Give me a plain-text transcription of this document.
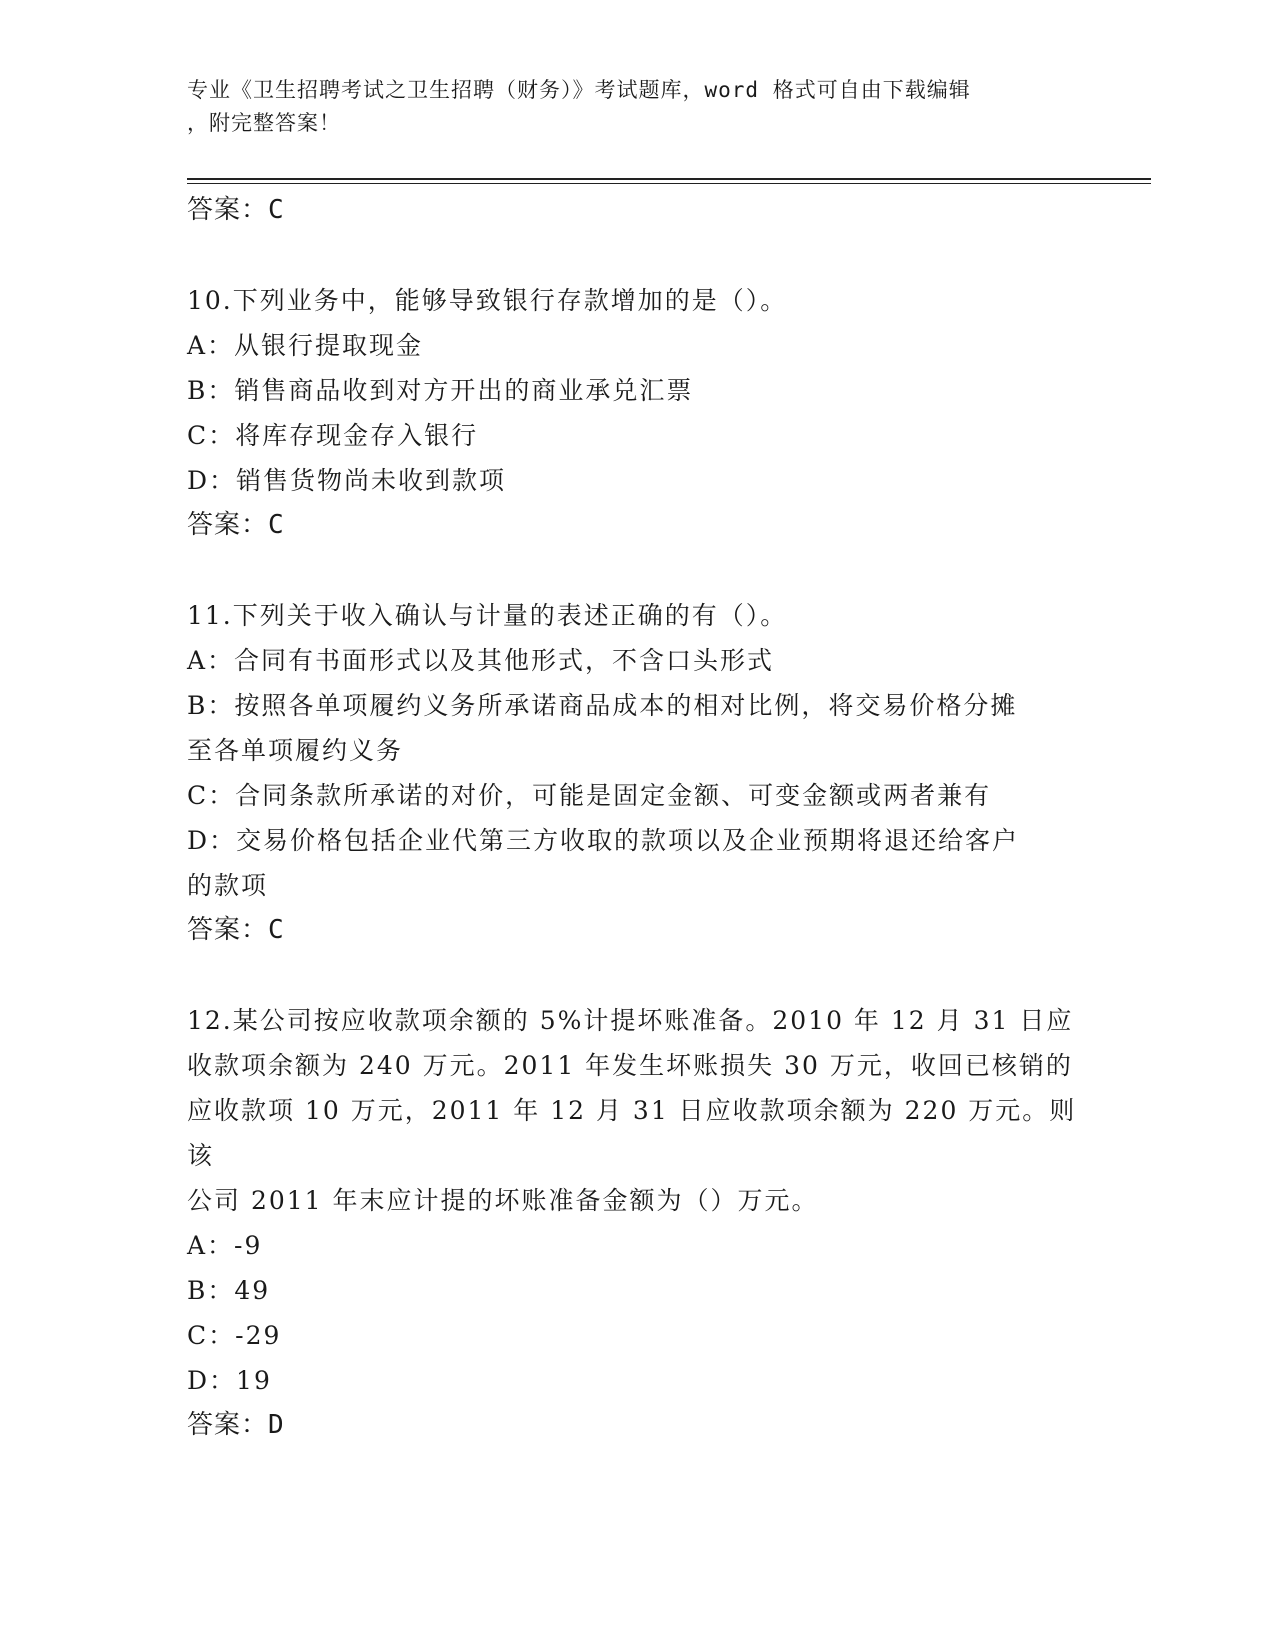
专业《卫生招聘考试之卫生招聘（财务）》考试题库，word 格式可自由下载编辑
，附完整答案！

答案：C

10.下列业务中，能够导致银行存款增加的是（）。

A：从银行提取现金

B：销售商品收到对方开出的商业承兑汇票

C：将库存现金存入银行

D：销售货物尚未收到款项

答案：C

11.下列关于收入确认与计量的表述正确的有（）。

A：合同有书面形式以及其他形式，不含口头形式

B：按照各单项履约义务所承诺商品成本的相对比例，将交易价格分摊

至各单项履约义务

C：合同条款所承诺的对价，可能是固定金额、可变金额或两者兼有

D：交易价格包括企业代第三方收取的款项以及企业预期将退还给客户

的款项

答案：C

12.某公司按应收款项余额的 5%计提坏账准备。2010 年 12 月 31 日应

收款项余额为 240 万元。2011 年发生坏账损失 30 万元，收回已核销的

应收款项 10 万元，2011 年 12 月 31 日应收款项余额为 220 万元。则该

公司 2011 年末应计提的坏账准备金额为（）万元。

A：-9

B：49

C：-29

D：19

答案：D
